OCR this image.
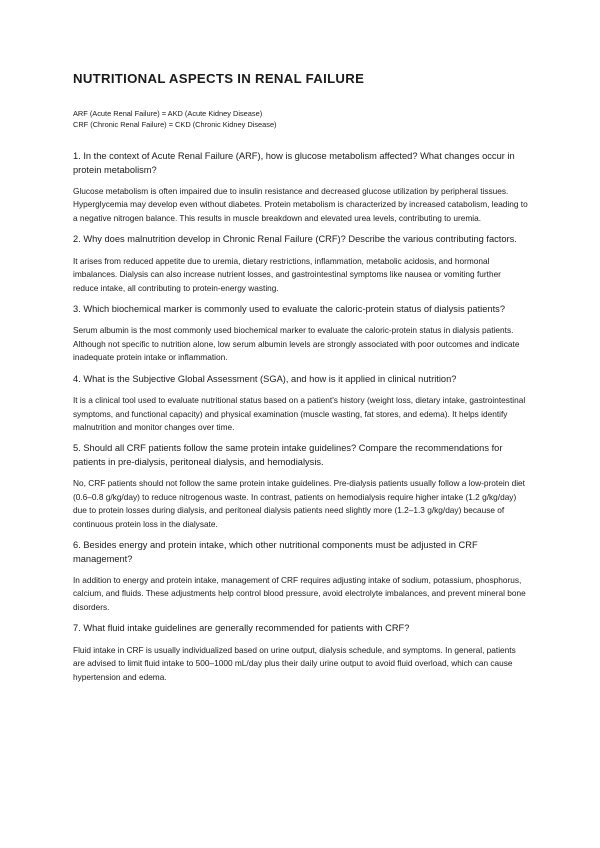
NUTRITIONAL ASPECTS IN RENAL FAILURE
ARF (Acute Renal Failure) = AKD (Acute Kidney Disease)
CRF (Chronic Renal Failure) = CKD (Chronic Kidney Disease)
1. In the context of Acute Renal Failure (ARF), how is glucose metabolism affected? What changes occur in protein metabolism?
Glucose metabolism is often impaired due to insulin resistance and decreased glucose utilization by peripheral tissues. Hyperglycemia may develop even without diabetes. Protein metabolism is characterized by increased catabolism, leading to a negative nitrogen balance. This results in muscle breakdown and elevated urea levels, contributing to uremia.
2. Why does malnutrition develop in Chronic Renal Failure (CRF)? Describe the various contributing factors.
It arises from reduced appetite due to uremia, dietary restrictions, inflammation, metabolic acidosis, and hormonal imbalances. Dialysis can also increase nutrient losses, and gastrointestinal symptoms like nausea or vomiting further reduce intake, all contributing to protein-energy wasting.
3. Which biochemical marker is commonly used to evaluate the caloric-protein status of dialysis patients?
Serum albumin is the most commonly used biochemical marker to evaluate the caloric-protein status in dialysis patients. Although not specific to nutrition alone, low serum albumin levels are strongly associated with poor outcomes and indicate inadequate protein intake or inflammation.
4. What is the Subjective Global Assessment (SGA), and how is it applied in clinical nutrition?
It is a clinical tool used to evaluate nutritional status based on a patient's history (weight loss, dietary intake, gastrointestinal symptoms, and functional capacity) and physical examination (muscle wasting, fat stores, and edema). It helps identify malnutrition and monitor changes over time.
5. Should all CRF patients follow the same protein intake guidelines? Compare the recommendations for patients in pre-dialysis, peritoneal dialysis, and hemodialysis.
No, CRF patients should not follow the same protein intake guidelines. Pre-dialysis patients usually follow a low-protein diet (0.6–0.8 g/kg/day) to reduce nitrogenous waste. In contrast, patients on hemodialysis require higher intake (1.2 g/kg/day) due to protein losses during dialysis, and peritoneal dialysis patients need slightly more (1.2–1.3 g/kg/day) because of continuous protein loss in the dialysate.
6. Besides energy and protein intake, which other nutritional components must be adjusted in CRF management?
In addition to energy and protein intake, management of CRF requires adjusting intake of sodium, potassium, phosphorus, calcium, and fluids. These adjustments help control blood pressure, avoid electrolyte imbalances, and prevent mineral bone disorders.
7. What fluid intake guidelines are generally recommended for patients with CRF?
Fluid intake in CRF is usually individualized based on urine output, dialysis schedule, and symptoms. In general, patients are advised to limit fluid intake to 500–1000 mL/day plus their daily urine output to avoid fluid overload, which can cause hypertension and edema.
